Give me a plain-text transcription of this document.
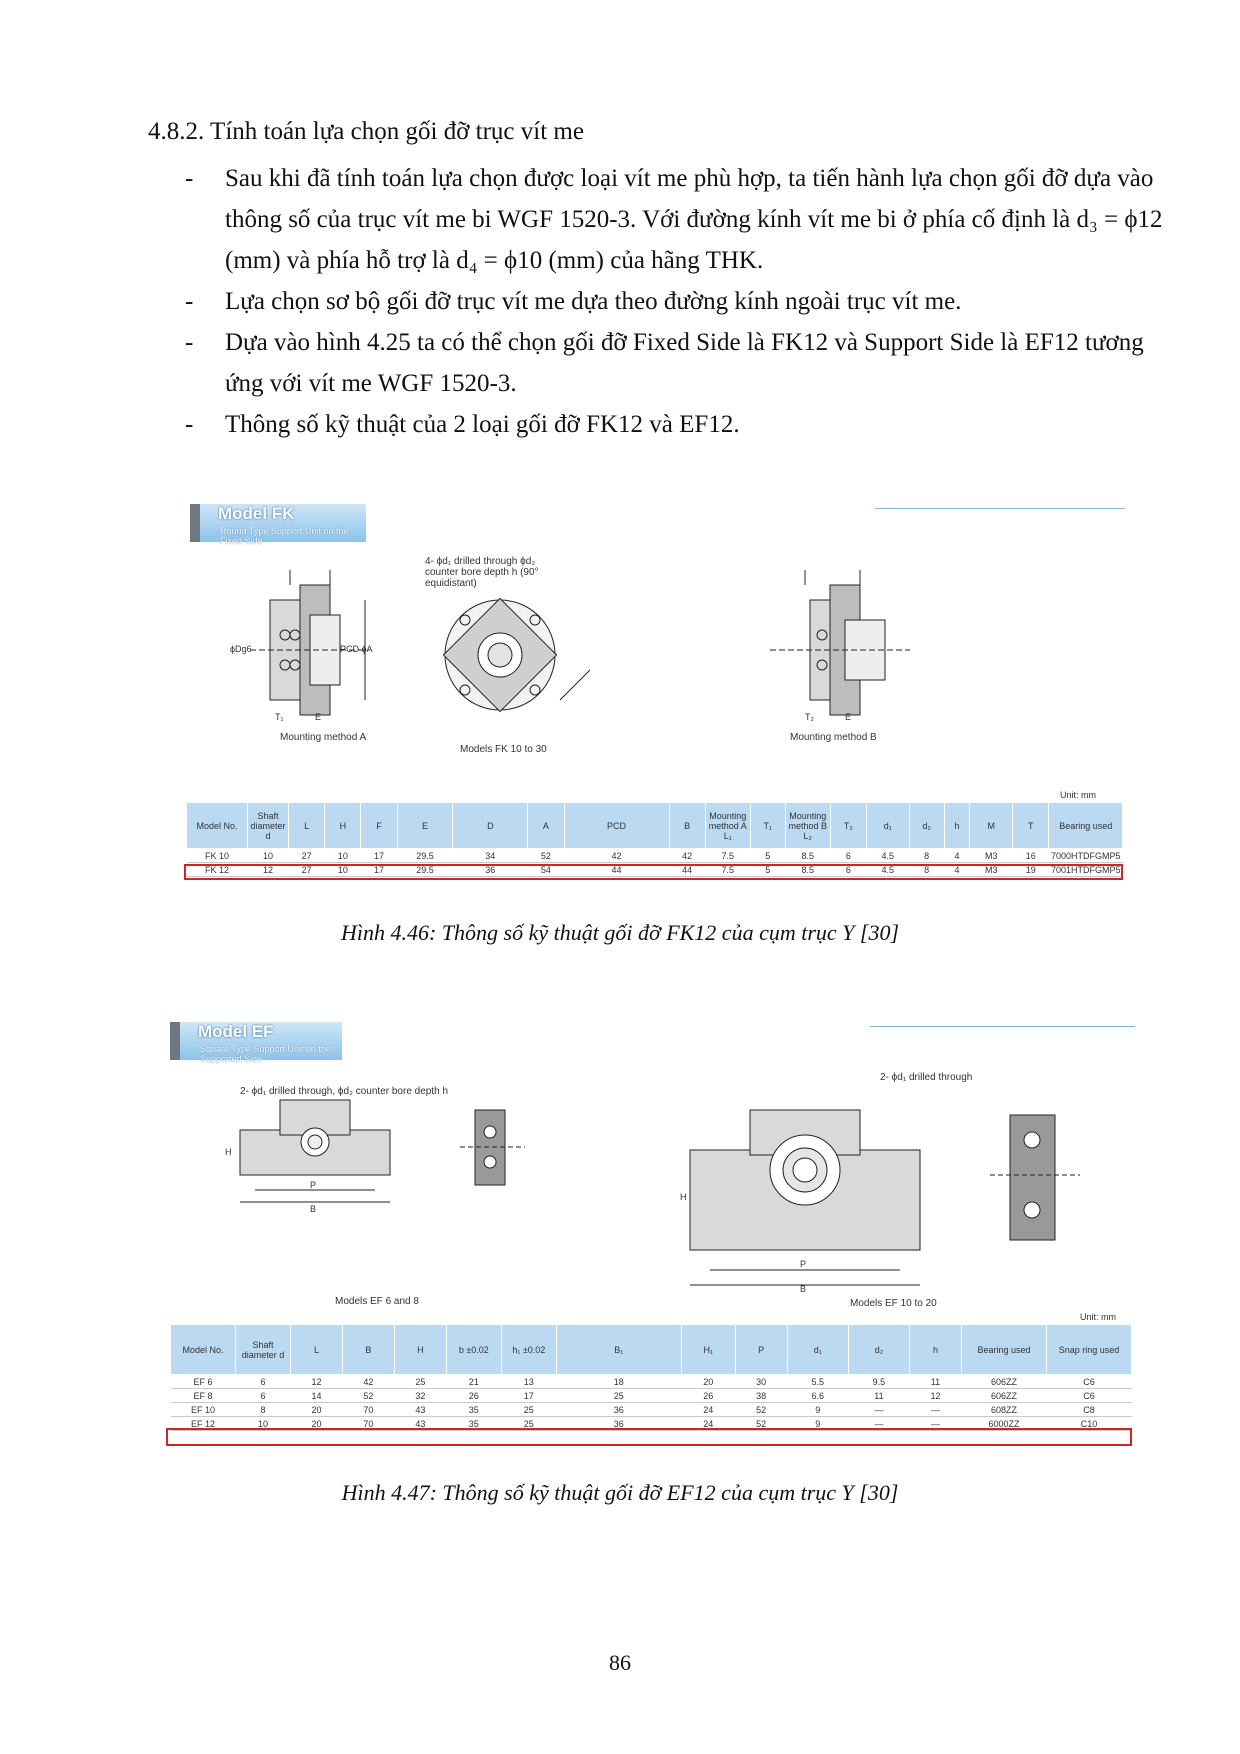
4.8.2. Tính toán lựa chọn gối đỡ trục vít me
- Sau khi đã tính toán lựa chọn được loại vít me phù hợp, ta tiến hành lựa chọn gối đỡ dựa vào thông số của trục vít me bi WGF 1520-3. Với đường kính vít me bi ở phía cố định là d₃ = ϕ12 (mm) và phía hỗ trợ là d₄ = ϕ10 (mm) của hãng THK.
- Lựa chọn sơ bộ gối đỡ trục vít me dựa theo đường kính ngoài trục vít me.
- Dựa vào hình 4.25 ta có thể chọn gối đỡ Fixed Side là FK12 và Support Side là EF12 tương ứng với vít me WGF 1520-3.
- Thông số kỹ thuật của 2 loại gối đỡ FK12 và EF12.
Model FK
Round Type Support Unit on the Fixed Side
ϕDg6	PCD ϕA
T₁	E	T₂	E
4- ϕd₁ drilled through ϕd₂ counter bore depth h (90° equidistant)
Mounting method A
Models FK 10 to 30
Mounting method B
Unit: mm
Model No.	Shaft diameter d	L	H	F	E	D	A	PCD	B	Mounting method A L₁	T₁	Mounting method B L₂	T₂	d₁	d₂	h	M	T	Bearing used
FK 10	10	27	10	17	29.5	34	52	42	42	7.5	5	8.5	6	4.5	8	4	M3	16	7000HTDFGMP5
FK 12	12	27	10	17	29.5	36	54	44	44	7.5	5	8.5	6	4.5	8	4	M3	19	7001HTDFGMP5
Hình 4.46: Thông số kỹ thuật gối đỡ FK12 của cụm trục Y [30]
Model EF
Square Type Support Unit on the Supported Side
H
P
B
H
P
B
2- ϕd₁ drilled through, ϕd₂ counter bore depth h
2- ϕd₁ drilled through
Models EF 6 and 8	Models EF 10 to 20
Unit: mm
Model No.	Shaft diameter d	L	B	H	b ±0.02	h₁ ±0.02	B₁	H₁	P	d₁	d₂	h	Bearing used	Snap ring used
EF 6	6	12	42	25	21	13	18	20	30	5.5	9.5	11	606ZZ	C6
EF 8	6	14	52	32	26	17	25	26	38	6.6	11	12	606ZZ	C6
EF 10	8	20	70	43	35	25	36	24	52	9	—	—	608ZZ	C8
EF 12	10	20	70	43	35	25	36	24	52	9	—	—	6000ZZ	C10
Hình 4.47: Thông số kỹ thuật gối đỡ EF12 của cụm trục Y [30]
86
